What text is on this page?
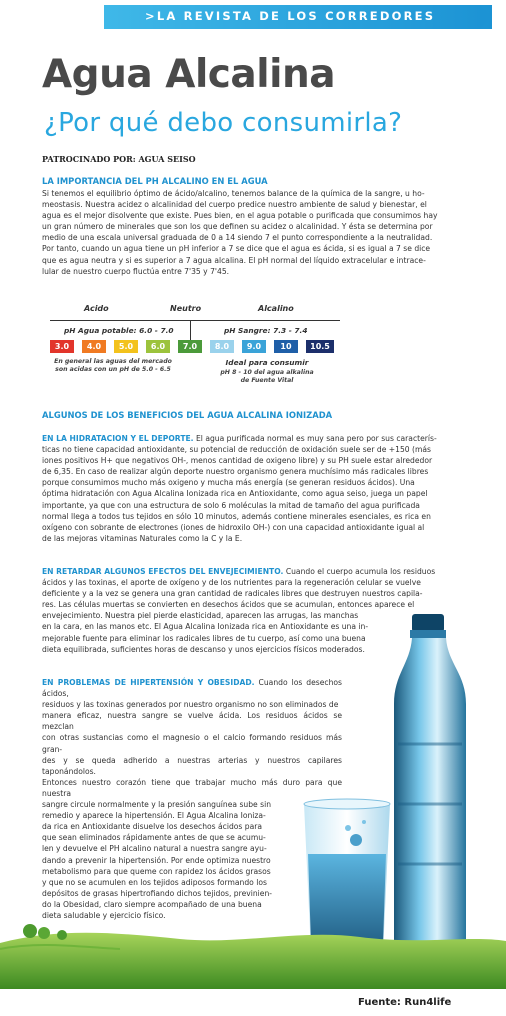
>LA REVISTA DE LOS CORREDORES
Agua Alcalina
¿Por qué debo consumirla?
PATROCINADO POR: AGUA SEISO
LA IMPORTANCIA DEL PH ALCALINO EN EL AGUA
Si tenemos el equilibrio óptimo de ácido/alcalino, tenemos balance de la química de la sangre, u ho-
meostasis. Nuestra acidez o alcalinidad del cuerpo predice nuestro ambiente de salud y bienestar, el
agua es el mejor disolvente que existe. Pues bien, en el agua potable o purificada que consumimos hay
un gran número de minerales que son los que definen su acidez o alcalinidad. Y ésta se determina por
medio de una escala universal graduada de 0 a 14 siendo 7 el punto correspondiente a la neutralidad.
Por tanto, cuando un agua tiene un pH inferior a 7 se dice que el agua es ácida, si es igual a 7 se dice
que es agua neutra y si es superior a 7 agua alcalina. El pH normal del líquido extracelular e intrace-
lular de nuestro cuerpo fluctúa entre 7'35 y 7'45.
Acido	Neutro	Alcalino
pH Agua potable: 6.0 - 7.0	pH Sangre: 7.3 - 7.4
3.0	4.0	5.0	6.0	7.0	8.0	9.0	10	10.5
En general las aguas del mercado
son acidas con un pH de 5.0 - 6.5
Ideal para consumir
pH 8 - 10 del agua alkalina
de Fuente Vital
ALGUNOS DE LOS BENEFICIOS DEL AGUA ALCALINA IONIZADA
EN LA HIDRATACION Y EL DEPORTE. El agua purificada normal es muy sana pero por sus caracterís-
ticas no tiene capacidad antioxidante, su potencial de reducción de oxidación suele ser de +150 (más
iones positivos H+ que negativos OH-, menos cantidad de oxigeno libre) y su PH suele estar alrededor
de 6,35. En caso de realizar algún deporte nuestro organismo genera muchísimo más radicales libres
porque consumimos mucho más oxigeno y mucha más energía (se generan residuos ácidos). Una
óptima hidratación con Agua Alcalina Ionizada rica en Antioxidante, como agua seiso, juega un papel
importante, ya que con una estructura de solo 6 moléculas la mitad de tamaño del agua purificada
normal llega a todos tus tejidos en sólo 10 minutos, además contiene minerales esenciales, es rica en
oxígeno con sobrante de electrones (iones de hidroxilo OH-) con una capacidad antioxidante igual al
de las mejoras vitaminas Naturales como la C y la E.
EN RETARDAR ALGUNOS EFECTOS DEL ENVEJECIMIENTO. Cuando el cuerpo acumula los residuos
ácidos y las toxinas, el aporte de oxígeno y de los nutrientes para la regeneración celular se vuelve
deficiente y a la vez se genera una gran cantidad de radicales libres que destruyen nuestros capila-
res. Las células muertas se convierten en desechos ácidos que se acumulan, entonces aparece el
envejecimiento. Nuestra piel pierde elasticidad, aparecen las arrugas, las manchas
en la cara, en las manos etc. El Agua Alcalina Ionizada rica en Antioxidante es una in-
mejorable fuente para eliminar los radicales libres de tu cuerpo, así como una buena
dieta equilibrada, suficientes horas de descanso y unos ejercicios físicos moderados.
EN PROBLEMAS DE HIPERTENSIÓN Y OBESIDAD. Cuando los desechos ácidos,
residuos y las toxinas generados por nuestro organismo no son eliminados de
manera eficaz, nuestra sangre se vuelve ácida. Los residuos ácidos se mezclan
con otras sustancias como el magnesio o el calcio formando residuos más gran-
des y se queda adherido a nuestras arterias y nuestros capilares taponándolos.
Entonces nuestro corazón tiene que trabajar mucho más duro para que nuestra
sangre circule normalmente y la presión sanguínea sube sin
remedio y aparece la hipertensión. El Agua Alcalina Ioniza-
da rica en Antioxidante disuelve los desechos ácidos para
que sean eliminados rápidamente antes de que se acumu-
len y devuelve el PH alcalino natural a nuestra sangre ayu-
dando a prevenir la hipertensión. Por ende optimiza nuestro
metabolismo para que queme con rapidez los ácidos grasos
y que no se acumulen en los tejidos adiposos formando los
depósitos de grasas hipertrofiando dichos tejidos, previnien-
do la Obesidad, claro siempre acompañado de una buena
dieta saludable y ejercicio físico.
Fuente: Run4life
